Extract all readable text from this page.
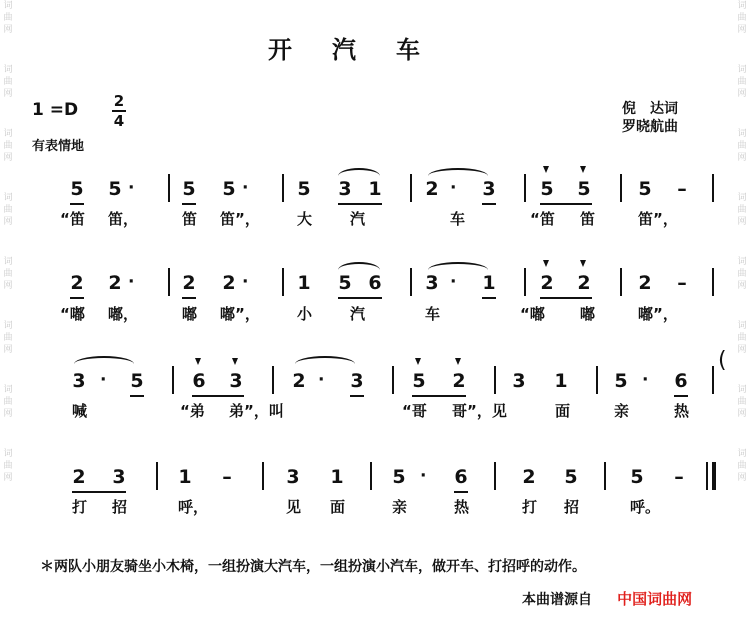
词
曲
网
词
曲
网
词
曲
网
词
曲
网
词
曲
网
词
曲
网
词
曲
网
词
曲
网
词
曲
网
词
曲
网
词
曲
网
词
曲
网
词
曲
网
词
曲
网
词
曲
网
词
曲
网
开汽车
1 =D 2
4
有表情地
倪　达词
罗晓航曲
5 5 ·	5 5 ·	5 3 1 2 · 3 5 5	5 –
“笛 笛，	笛 笛”， 大	汽	车	“笛 笛	笛”，
2 2 ·	2 2 ·	1 5 6 3 · 1 2 2	2 –
“嘟 嘟，	嘟 嘟”， 小	汽	车	“嘟 嘟	嘟”，
3 · 5	6 3	2 · 3	5 2 3 1 5 · 6
(
喊	“弟 弟”，叫	“哥 哥”，见	面	亲	热
2 3	1 –	3 1	5 · 6	2 5	5 –
打 招	呼，	见 面	亲	热	打 招	呼。
＊两队小朋友骑坐小木椅，一组扮演大汽车，一组扮演小汽车，做开车、打招呼的动作。
本曲谱源自 中国词曲网
